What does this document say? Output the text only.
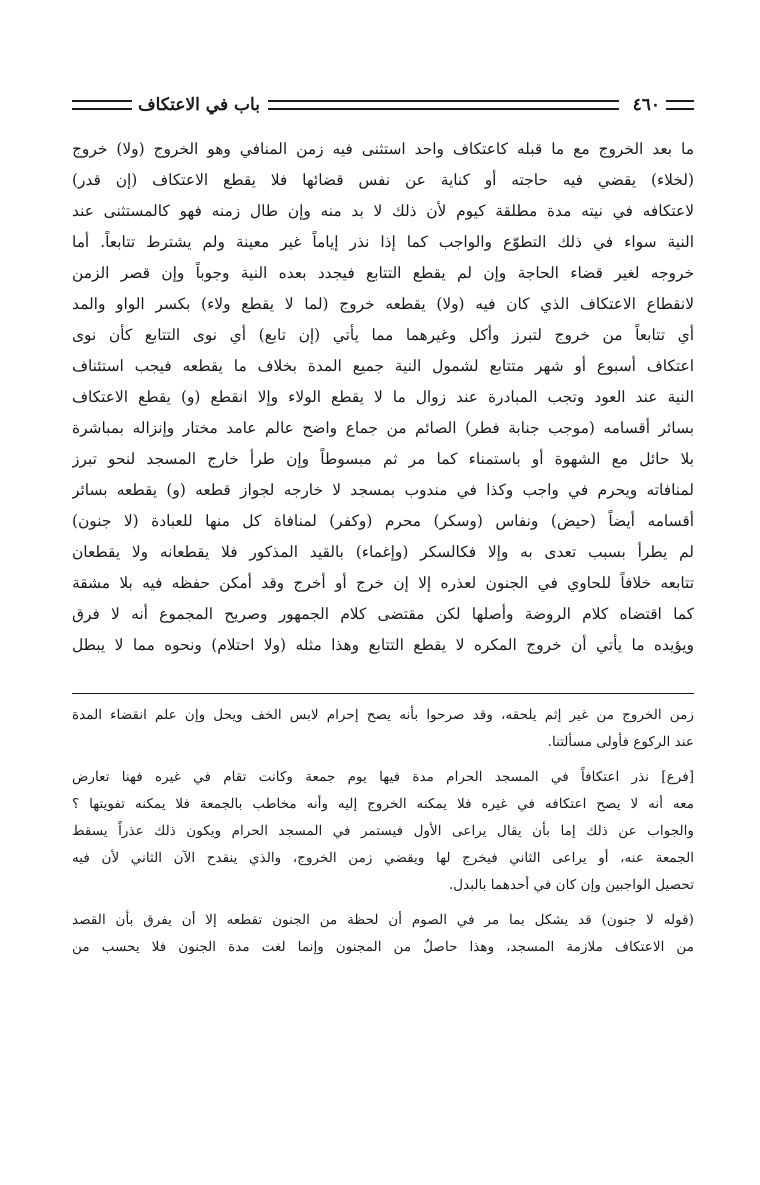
٤٦٠
باب في الاعتكاف
ما بعد الخروج مع ما قبله كاعتكاف واحد استثنى فيه زمن المنافي وهو الخروج (ولا) خروج
(لخلاء) يقضي فيه حاجته أو كناية عن نفس قضائها فلا يقطع الاعتكاف (إن قدر)
لاعتكافه في نيته مدة مطلقة كيوم لأن ذلك لا بد منه وإن طال زمنه فهو كالمستثنى عند
النية سواء في ذلك التطوّع والواجب كما إذا نذر إياماً غير معينة ولم يشترط تتابعاً. أما
خروجه لغير قضاء الحاجة وإن لم يقطع التتابع فيجدد بعده النية وجوباً وإن قصر الزمن
لانقطاع الاعتكاف الذي كان فيه (ولا) يقطعه خروج (لما لا يقطع ولاء) بكسر الواو والمد
أي تتابعاً من خروج لتبرز وأكل وغيرهما مما يأتي (إن تابع) أي نوى التتابع كأن نوى
اعتكاف أسبوع أو شهر متتابع لشمول النية جميع المدة بخلاف ما يقطعه فيجب استئناف
النية عند العود وتجب المبادرة عند زوال ما لا يقطع الولاء وإلا انقطع (و) يقطع الاعتكاف
بسائر أقسامه (موجب جنابة فطر) الصائم من جماع واضح عالم عامد مختار وإنزاله بمباشرة
بلا حائل مع الشهوة أو باستمناء كما مر ثم مبسوطاً وإن طرأ خارج المسجد لنحو تبرز
لمنافاته ويحرم في واجب وكذا في مندوب بمسجد لا خارجه لجواز قطعه (و) يقطعه بسائر
أقسامه أيضاً (حيض) ونفاس (وسكر) محرم (وكفر) لمنافاة كل منها للعبادة (لا جنون)
لم يطرأ بسبب تعدى به وإلا فكالسكر (وإغماء) بالقيد المذكور فلا يقطعانه ولا يقطعان
تتابعه خلافاً للحاوي في الجنون لعذره إلا إن خرج أو أخرج وقد أمكن حفظه فيه بلا مشقة
كما اقتضاه كلام الروضة وأصلها لكن مقتضى كلام الجمهور وصريح المجموع أنه لا فرق
ويؤيده ما يأتي أن خروج المكره لا يقطع التتابع وهذا مثله (ولا احتلام) ونحوه مما لا يبطل
زمن الخروج من غير إثم يلحقه، وقد صرحوا بأنه يصح إحرام لابس الخف ويحل وإن علم انقضاء المدة
عند الركوع فأولى مسألتنا.
[فرع] نذر اعتكافاً في المسجد الحرام مدة فيها يوم جمعة وكانت تقام في غيره فهنا تعارض
معه أنه لا يصح اعتكافه في غيره فلا يمكنه الخروج إليه وأنه مخاطب بالجمعة فلا يمكنه تفويتها ؟
والجواب عن ذلك إما بأن يقال يراعى الأول فيستمر في المسجد الحرام ويكون ذلك عذراً يسقط
الجمعة عنه، أو يراعى الثاني فيخرج لها ويقضي زمن الخروج، والذي ينقدح الآن الثاني لأن فيه
تحصيل الواجبين وإن كان في أحدهما بالبدل.
(قوله لا جنون) قد يشكل بما مر في الصوم أن لحظة من الجنون تقطعه إلا أن يفرق بأن القصد
من الاعتكاف ملازمة المسجد، وهذا حاصلٌ من المجنون وإنما لغت مدة الجنون فلا يحسب من
